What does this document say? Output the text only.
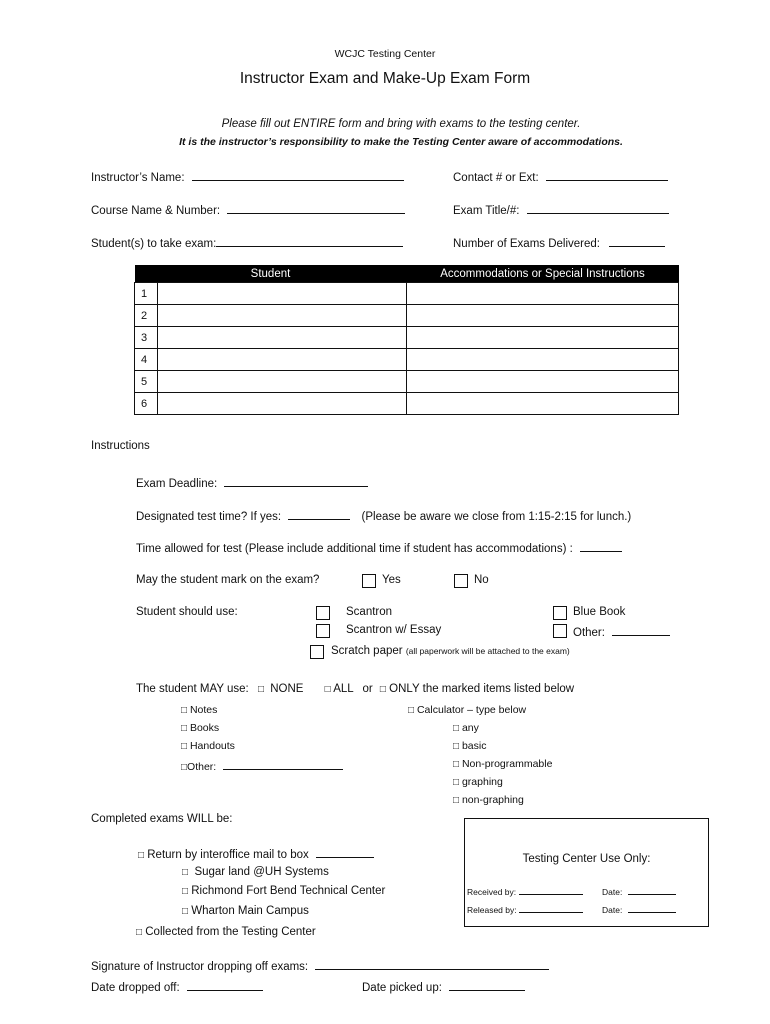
WCJC Testing Center
Instructor Exam and Make-Up Exam Form
Please fill out ENTIRE form and bring with exams to the testing center.
It is the instructor’s responsibility to make the Testing Center aware of accommodations.
Instructor’s Name:	Contact # or Ext:
Course Name & Number:	Exam Title/#:
Student(s) to take exam:	Number of Exams Delivered:
Student		Accommodations or Special Instructions
1		
2		
3		
4		
5		
6		
Instructions
Exam Deadline:
Designated test time? If yes:	(Please be aware we close from 1:15-2:15 for lunch.)
Time allowed for test (Please include additional time if student has accommodations) :
May the student mark on the exam?	Yes	No
Student should use:	Scantron
Scantron w/ Essay
Blue Book
Other:
Scratch paper (all paperwork will be attached to the exam)
The student MAY use: □ NONE □ ALL or □ ONLY the marked items listed below
□ Notes
□ Books
□ Handouts
□Other:
□ Calculator – type below
□ any
□ basic
□ Non-programmable
□ graphing
□ non-graphing
Completed exams WILL be:
□ Return by interoffice mail to box
□ Sugar land @UH Systems
□ Richmond Fort Bend Technical Center
□ Wharton Main Campus
□ Collected from the Testing Center
Testing Center Use Only:
Received by:	Date:
Released by:	Date:
Signature of Instructor dropping off exams:
Date dropped off:	Date picked up:
